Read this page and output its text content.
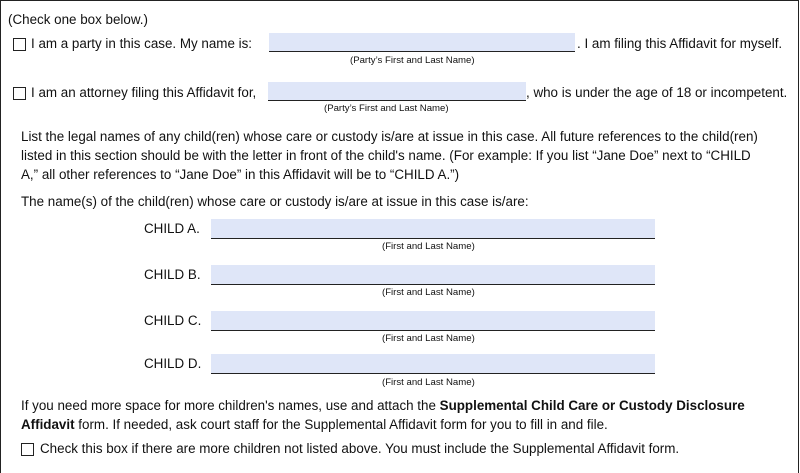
(Check one box below.)
I am a party in this case. My name is:	. I am filing this Affidavit for myself.
(Party’s First and Last Name)
I am an attorney filing this Affidavit for,	, who is under the age of 18 or incompetent.
(Party’s First and Last Name)
List the legal names of any child(ren) whose care or custody is/are at issue in this case. All future references to the child(ren)
listed in this section should be with the letter in front of the child's name. (For example: If you list “Jane Doe” next to “CHILD
A,” all other references to “Jane Doe” in this Affidavit will be to “CHILD A.”)
The name(s) of the child(ren) whose care or custody is/are at issue in this case is/are:
CHILD A.
(First and Last Name)
CHILD B.
(First and Last Name)
CHILD C.
(First and Last Name)
CHILD D.
(First and Last Name)
If you need more space for more children's names, use and attach the Supplemental Child Care or Custody Disclosure
Affidavit form. If needed, ask court staff for the Supplemental Affidavit form for you to fill in and file.
Check this box if there are more children not listed above. You must include the Supplemental Affidavit form.
